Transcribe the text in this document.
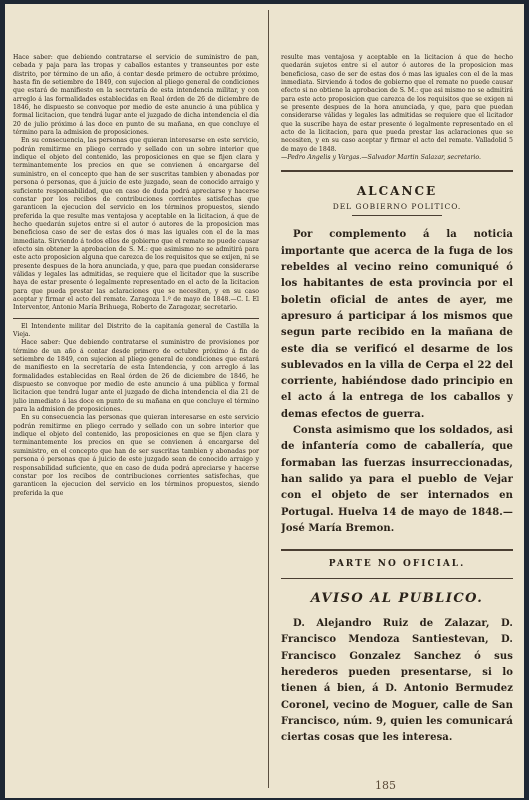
Hace saber: que debiendo contratarse el servicio de suministro de pan, cebada y paja para las tropas y caballos estantes y transeuntes por este distrito, por término de un año, á contar desde primero de octubre próximo, hasta fin de setiembre de 1849, con sujecion al pliego general de condiciones que estará de manifiesto en la secretaría de esta intendencia militar, y con arreglo á las formalidades establecidas en Real órden de 26 de diciembre de 1846, he dispuesto se convoque por medio de este anuncio á una pública y formal licitacion, que tendrá lugar ante el juzgado de dicha intendencia el dia 20 de julio próximo á las doce en punto de su mañana, en que concluye el término para la admision de proposiciones.

En su consecuencia, las personas que quieran interesarse en este servicio, podrán remitirme en pliego cerrado y sellado con un sobre interior que indique el objeto del contenido, las proposiciones en que se fijen clara y terminantemente los precios en que se convienen á encargarse del suministro, en el concepto que han de ser suscritas tambien y abonadas por persona ó personas, que á juicio de este juzgado, sean de conocido arraigo y suficiente responsabilidad, que en caso de duda podrá apreciarse y hacerse constar por los recibos de contribuciones corrientes satisfechas que garanticen la ejecucion del servicio en los términos propuestos, siendo preferida la que resulte mas ventajosa y aceptable en la licitacion, á que de hecho quedarán sujetos entre si el autor ó autores de la proposicion mas beneficiosa caso de ser de estas dos ó mas las iguales con el de la mas inmediata. Sirviendo á todos ellos de gobierno que el remate no puede causar efecto sin obtener la aprobacion de S. M.: que asimismo no se admitirá para este acto proposicion alguna que carezca de los requisitos que se exijen, ni se presente despues de la hora anunciada, y que, para que puedan considerarse válidas y legales las admitidas, se requiere que el licitador que la suscribe haya de estar presente ó legalmente representado en el acto de la licitacion para que pueda prestar las aclaraciones que se necesiten, y en su caso aceptar y firmar el acto del remate. Zaragoza 1.º de mayo de 1848.—C. I. El Interventor, Antonio María Brihuega, Roberto de Zaragozar, secretario.

El Intendente militar del Distrito de la capitanía general de Castilla la Vieja.

Hace saber: Que debiendo contratarse el suministro de provisiones por término de un año á contar desde primero de octubre próximo á fin de setiembre de 1849, con sujecion al pliego general de condiciones que estará de manifiesto en la secretaría de esta Intendencia, y con arreglo á las formalidades establecidas en Real órden de 26 de diciembre de 1846, he dispuesto se convoque por medio de este anuncio á una pública y formal licitacion que tendrá lugar ante el juzgado de dicha intendencia el dia 21 de julio inmediato á las doce en punto de su mañana en que concluye el término para la admision de proposiciones.

En su consecuencia las personas que quieran interesarse en este servicio podrán remitirme en pliego cerrado y sellado con un sobre interior que indique el objeto del contenido, las proposiciones en que se fijen clara y terminantemente los precios en que se convienen á encargarse del suministro, en el concepto que han de ser suscritas tambien y abonadas por persona ó personas que á juicio de este juzgado sean de conocido arraigo y responsabilidad suficiente, que en caso de duda podrá apreciarse y hacerse constar por los recibos de contribuciones corrientes satisfechas, que garanticen la ejecucion del servicio en los términos propuestos, siendo preferida la que

resulte mas ventajosa y aceptable en la licitacion á que de hecho quedarán sujetos entre si el autor ó autores de la proposicion mas beneficiosa, caso de ser de estas dos ó mas las iguales con el de la mas inmediata. Sirviendo á todos de gobierno que el remate no puede causar efecto si no obtiene la aprobacion de S. M.: que asi mismo no se admitirá para este acto proposicion que carezca de los requisitos que se exigen ni se presente despues de la hora anunciada, y que, para que puedan considerarse válidas y legales las admitidas se requiere que el licitador que la suscribe haya de estar presente ó legalmente representado en el acto de la licitacion, para que pueda prestar las aclaraciones que se necesiten, y en su caso aceptar y firmar el acto del remate. Valladolid 5 de mayo de 1848.

—Pedro Angelis y Vargas.—Salvador Martin Salazar, secretario.

ALCANCE

DEL GOBIERNO POLITICO.

Por complemento á la noticia importante que acerca de la fuga de los rebeldes al vecino reino comuniqué ó los habitantes de esta provincia por el boletin oficial de antes de ayer, me apresuro á participar á los mismos que segun parte recibido en la mañana de este dia se verificó el desarme de los sublevados en la villa de Cerpa el 22 del corriente, habiéndose dado principio en el acto á la entrega de los caballos y demas efectos de guerra.

Consta asimismo que los soldados, asi de infantería como de caballería, que formaban las fuerzas insurreccionadas, han salido ya para el pueblo de Vejar con el objeto de ser internados en Portugal. Huelva 14 de mayo de 1848.— José María Bremon.

PARTE NO OFICIAL.

AVISO AL PUBLICO.

D. Alejandro Ruiz de Zalazar, D. Francisco Mendoza Santiestevan, D. Francisco Gonzalez Sanchez ó sus herederos pueden presentarse, si lo tienen á bien, á D. Antonio Bermudez Coronel, vecino de Moguer, calle de San Francisco, núm. 9, quien les comunicará ciertas cosas que les interesa.

185
